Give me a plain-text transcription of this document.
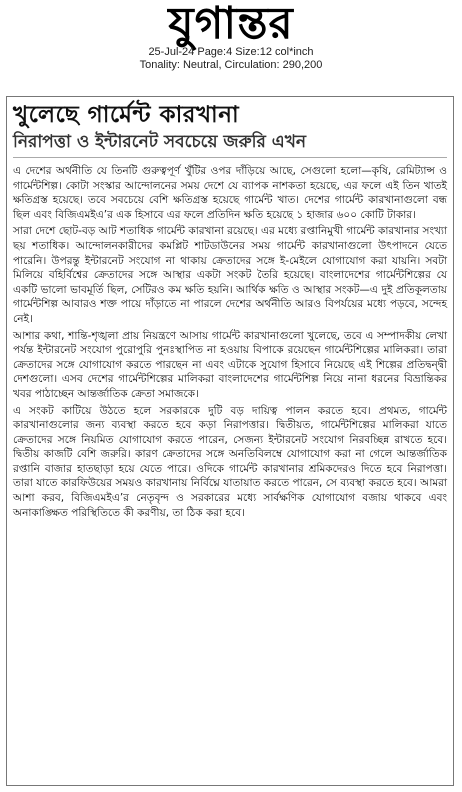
যুগান্তর
25-Jul-24 Page:4 Size:12 col*inch
Tonality: Neutral, Circulation: 290,200
খুলেছে গার্মেন্ট কারখানা
নিরাপত্তা ও ইন্টারনেট সবচেয়ে জরুরি এখন

এ দেশের অর্থনীতি যে তিনটি গুরুত্বপূর্ণ খুঁটির ওপর দাঁড়িয়ে আছে, সেগুলো হলো—কৃষি, রেমিট্যান্স ও গার্মেন্টশিল্প। কোটা সংস্কার আন্দোলনের সময় দেশে যে ব্যাপক নাশকতা হয়েছে, এর ফলে এই তিন খাতই ক্ষতিগ্রস্ত হয়েছে। তবে সবচেয়ে বেশি ক্ষতিগ্রস্ত হয়েছে গার্মেন্ট খাত। দেশের গার্মেন্ট কারখানাগুলো বন্ধ ছিল এবং বিজিএমইএ’র এক হিসাবে এর ফলে প্রতিদিন ক্ষতি হয়েছে ১ হাজার ৬০০ কোটি টাকার।

সারা দেশে ছোট-বড় আট শতাধিক গার্মেন্ট কারখানা রয়েছে। এর মধ্যে রপ্তানিমুখী গার্মেন্ট কারখানার সংখ্যা ছয় শতাধিক। আন্দোলনকারীদের কমপ্লিট শাটডাউনের সময় গার্মেন্ট কারখানাগুলো উৎপাদনে যেতে পারেনি। উপরন্তু ইন্টারনেট সংযোগ না থাকায় ক্রেতাদের সঙ্গে ই-মেইলে যোগাযোগ করা যায়নি। সবটা মিলিয়ে বহির্বিশ্বের ক্রেতাদের সঙ্গে আস্থার একটা সংকট তৈরি হয়েছে। বাংলাদেশের গার্মেন্টশিল্পের যে একটি ভালো ভাবমূর্তি ছিল, সেটিরও কম ক্ষতি হয়নি। আর্থিক ক্ষতি ও আস্থার সংকট—এ দুই প্রতিকূলতায় গার্মেন্টশিল্প আবারও শক্ত পায়ে দাঁড়াতে না পারলে দেশের অর্থনীতি আরও বিপর্যয়ের মধ্যে পড়বে, সন্দেহ নেই।

আশার কথা, শান্তি-শৃঙ্খলা প্রায় নিয়ন্ত্রণে আসায় গার্মেন্ট কারখানাগুলো খুলেছে, তবে এ সম্পাদকীয় লেখা পর্যন্ত ইন্টারনেট সংযোগ পুরোপুরি পুনঃস্থাপিত না হওয়ায় বিপাকে রয়েছেন গার্মেন্টশিল্পের মালিকরা। তারা ক্রেতাদের সঙ্গে যোগাযোগ করতে পারছেন না এবং এটাকে সুযোগ হিসাবে নিয়েছে এই শিল্পের প্রতিদ্বন্দ্বী দেশগুলো। এসব দেশের গার্মেন্টশিল্পের মালিকরা বাংলাদেশের গার্মেন্টশিল্প নিয়ে নানা ধরনের বিভ্রান্তিকর খবর পাঠাচ্ছেন আন্তর্জাতিক ক্রেতা সমাজকে।

এ সংকট কাটিয়ে উঠতে হলে সরকারকে দুটি বড় দায়িত্ব পালন করতে হবে। প্রথমত, গার্মেন্ট কারখানাগুলোর জন্য ব্যবস্থা করতে হবে কড়া নিরাপত্তার। দ্বিতীয়ত, গার্মেন্টশিল্পের মালিকরা যাতে ক্রেতাদের সঙ্গে নিয়মিত যোগাযোগ করতে পারেন, সেজন্য ইন্টারনেট সংযোগ নিরবচ্ছিন্ন রাখতে হবে। দ্বিতীয় কাজটি বেশি জরুরি। কারণ ক্রেতাদের সঙ্গে অনতিবিলম্বে যোগাযোগ করা না গেলে আন্তর্জাতিক রপ্তানি বাজার হাতছাড়া হয়ে যেতে পারে। ওদিকে গার্মেন্ট কারখানার শ্রমিকদেরও দিতে হবে নিরাপত্তা। তারা যাতে কারফিউয়ের সময়ও কারখানায় নির্বিঘ্নে যাতায়াত করতে পারেন, সে ব্যবস্থা করতে হবে। আমরা আশা করব, বিজিএমইএ’র নেতৃবৃন্দ ও সরকারের মধ্যে সার্বক্ষণিক যোগাযোগ বজায় থাকবে এবং অনাকাঙ্ক্ষিত পরিস্থিতিতে কী করণীয়, তা ঠিক করা হবে।
